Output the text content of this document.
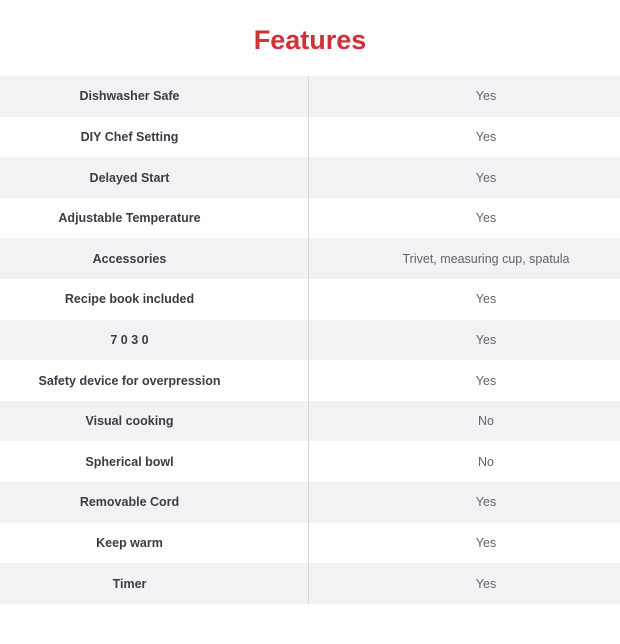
Features
Dishwasher Safe	Yes
DIY Chef Setting	Yes
Delayed Start	Yes
Adjustable Temperature	Yes
Accessories	Trivet, measuring cup, spatula
Recipe book included	Yes
7 0 3 0	Yes
Safety device for overpression	Yes
Visual cooking	No
Spherical bowl	No
Removable Cord	Yes
Keep warm	Yes
Timer	Yes
